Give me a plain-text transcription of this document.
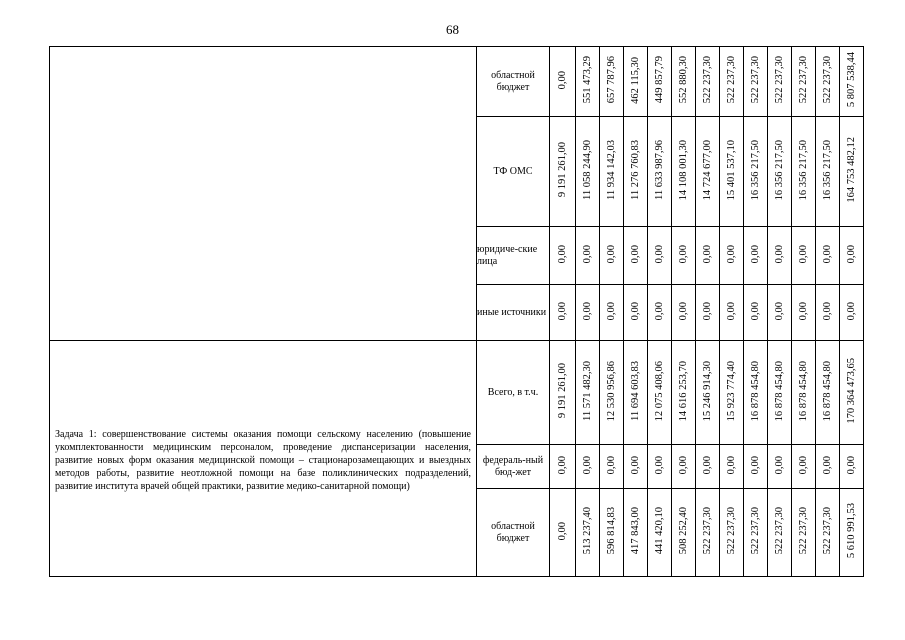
68

	областной бюджет	0,00	551 473,29	657 787,96	462 115,30	449 857,79	552 880,30	522 237,30	522 237,30	522 237,30	522 237,30	522 237,30	522 237,30	5 807 538,44

	ТФ ОМС	9 191 261,00	11 058 244,90	11 934 142,03	11 276 760,83	11 633 987,96	14 108 001,30	14 724 677,00	15 401 537,10	16 356 217,50	16 356 217,50	16 356 217,50	16 356 217,50	164 753 482,12

	юридиче-ские лица	0,00	0,00	0,00	0,00	0,00	0,00	0,00	0,00	0,00	0,00	0,00	0,00	0,00

	иные источники	0,00	0,00	0,00	0,00	0,00	0,00	0,00	0,00	0,00	0,00	0,00	0,00	0,00

Задача 1: совершенствование системы оказания помощи сельскому населению (повышение укомплектованности медицинским персоналом, проведение диспансеризации населения, развитие новых форм оказания медицинской помощи – стационарозамещающих и выездных методов работы, развитие неотложной помощи на базе поликлинических подразделений, развитие института врачей общей практики, развитие медико-санитарной помощи)	Всего, в т.ч.	9 191 261,00	11 571 482,30	12 530 956,86	11 694 603,83	12 075 408,06	14 616 253,70	15 246 914,30	15 923 774,40	16 878 454,80	16 878 454,80	16 878 454,80	16 878 454,80	170 364 473,65

	федераль-ный бюд-жет	0,00	0,00	0,00	0,00	0,00	0,00	0,00	0,00	0,00	0,00	0,00	0,00	0,00

	областной бюджет	0,00	513 237,40	596 814,83	417 843,00	441 420,10	508 252,40	522 237,30	522 237,30	522 237,30	522 237,30	522 237,30	522 237,30	5 610 991,53
